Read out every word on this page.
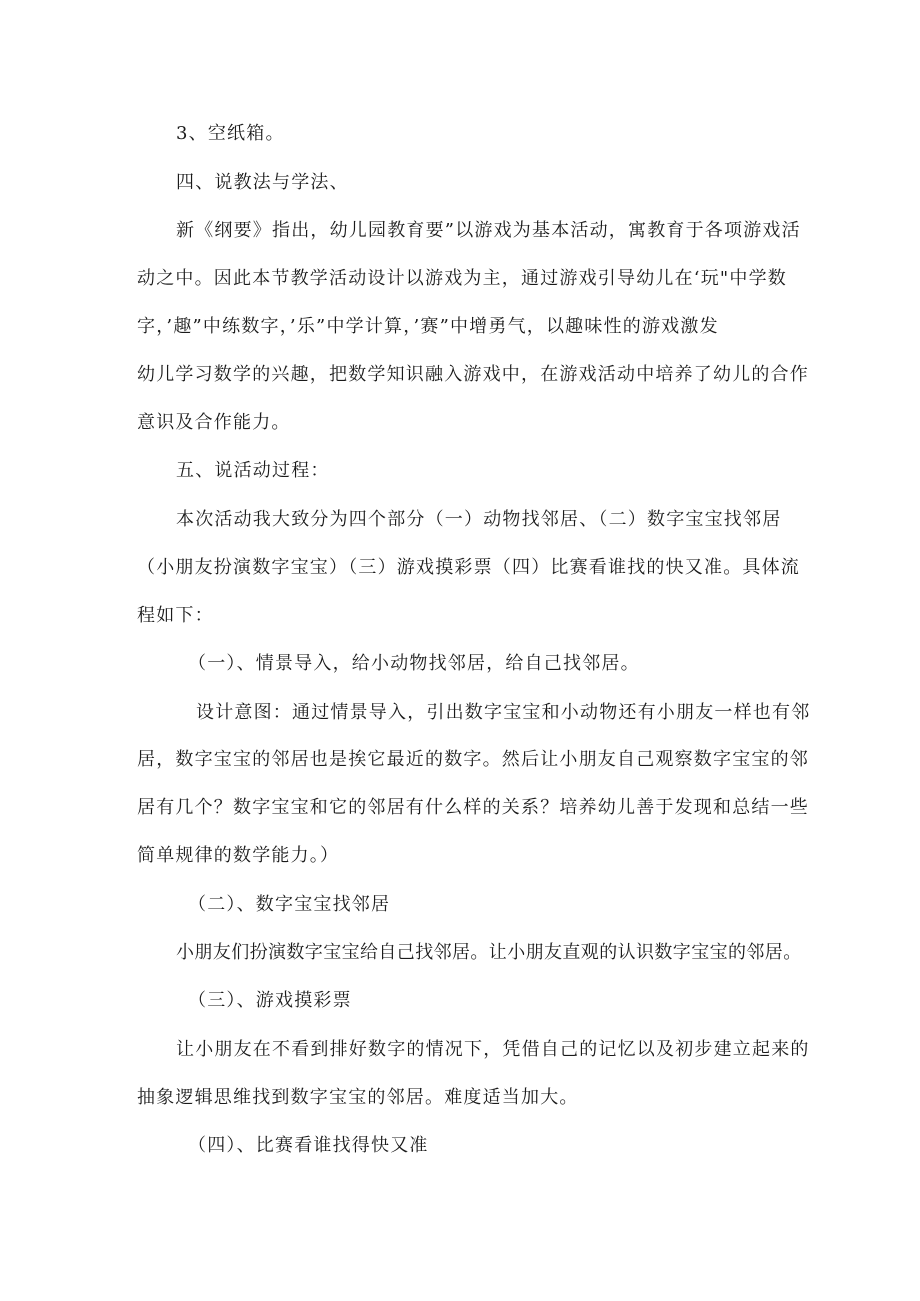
3、空纸箱。
四、说教法与学法、
新《纲要》指出，幼儿园教育要”以游戏为基本活动，寓教育于各项游戏活
动之中。因此本节教学活动设计以游戏为主，通过游戏引导幼儿在‘玩"中学数
字，’趣”中练数字，’乐”中学计算，’赛”中增勇气，以趣味性的游戏激发
幼儿学习数学的兴趣，把数学知识融入游戏中，在游戏活动中培养了幼儿的合作
意识及合作能力。
五、说活动过程：
本次活动我大致分为四个部分（一）动物找邻居、（二）数字宝宝找邻居
（小朋友扮演数字宝宝）（三）游戏摸彩票（四）比赛看谁找的快又准。具体流
程如下：
（一）、情景导入，给小动物找邻居，给自己找邻居。
设计意图：通过情景导入，引出数字宝宝和小动物还有小朋友一样也有邻
居，数字宝宝的邻居也是挨它最近的数字。然后让小朋友自己观察数字宝宝的邻
居有几个？数字宝宝和它的邻居有什么样的关系？培养幼儿善于发现和总结一些
简单规律的数学能力。）
（二）、数字宝宝找邻居
小朋友们扮演数字宝宝给自己找邻居。让小朋友直观的认识数字宝宝的邻居。
（三）、游戏摸彩票
让小朋友在不看到排好数字的情况下，凭借自己的记忆以及初步建立起来的
抽象逻辑思维找到数字宝宝的邻居。难度适当加大。
（四）、比赛看谁找得快又准
